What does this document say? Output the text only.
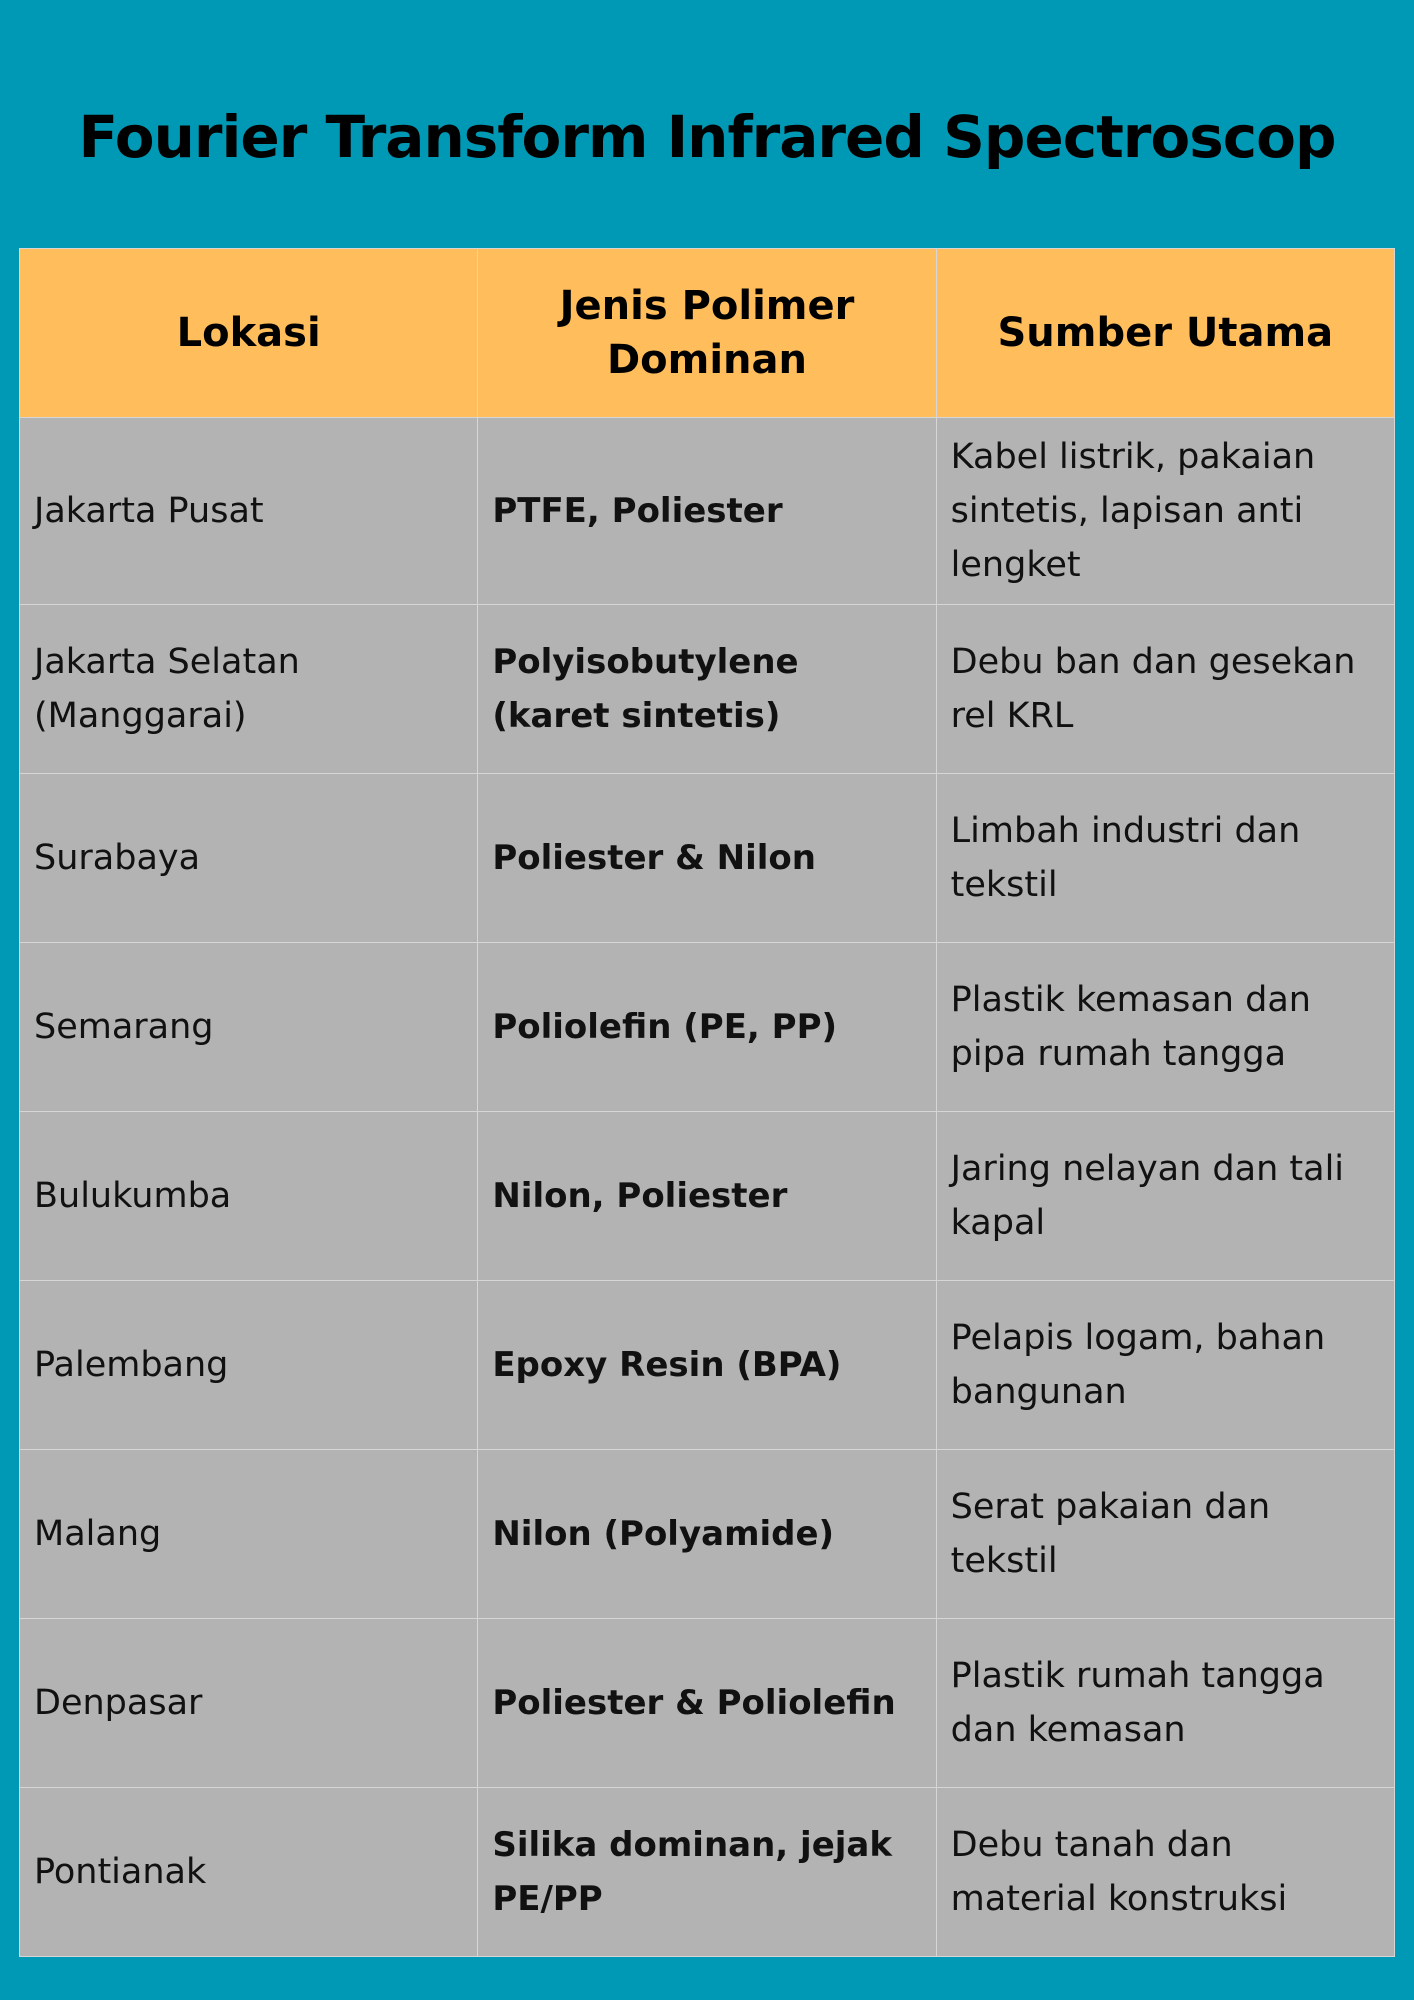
Fourier Transform Infrared Spectroscop
Lokasi	Jenis Polimer Dominan	Sumber Utama
Jakarta Pusat	PTFE, Poliester	Kabel listrik, pakaian sintetis, lapisan anti lengket
Jakarta Selatan (Manggarai)	Polyisobutylene (karet sintetis)	Debu ban dan gesekan rel KRL
Surabaya	Poliester & Nilon	Limbah industri dan tekstil
Semarang	Poliolefin (PE, PP)	Plastik kemasan dan pipa rumah tangga
Bulukumba	Nilon, Poliester	Jaring nelayan dan tali kapal
Palembang	Epoxy Resin (BPA)	Pelapis logam, bahan bangunan
Malang	Nilon (Polyamide)	Serat pakaian dan tekstil
Denpasar	Poliester & Poliolefin	Plastik rumah tangga dan kemasan
Pontianak	Silika dominan, jejak PE/PP	Debu tanah dan material konstruksi
